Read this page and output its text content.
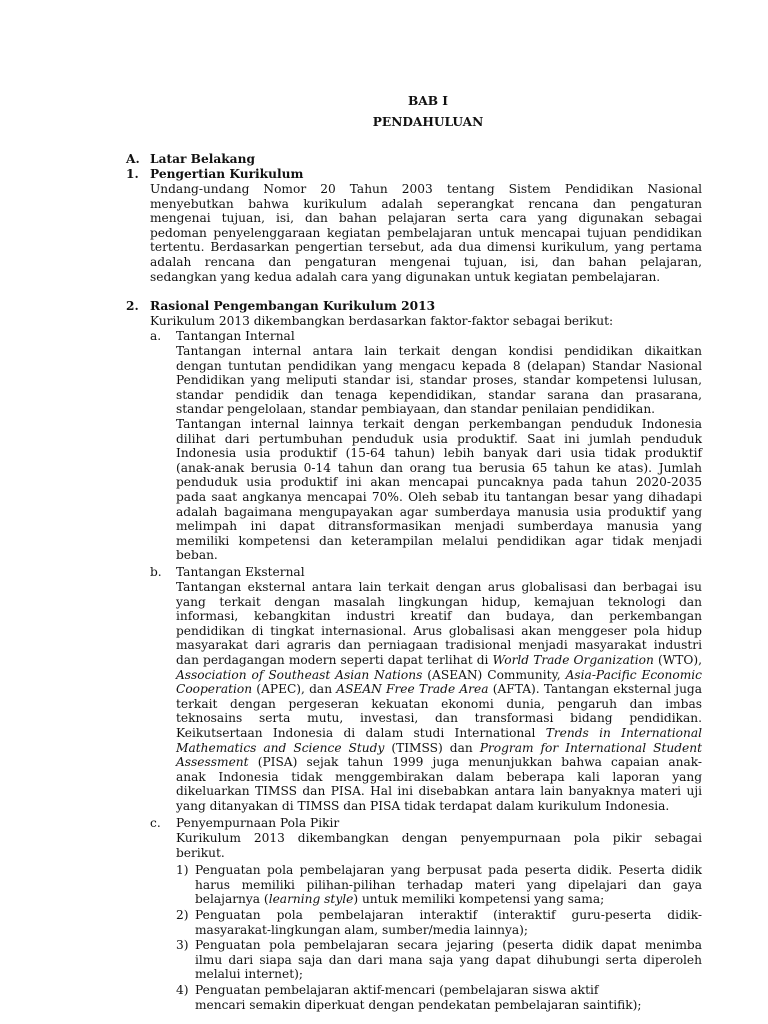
BAB I
PENDAHULUAN
A. Latar Belakang
1. Pengertian Kurikulum
Undang-undang Nomor 20 Tahun 2003 tentang Sistem Pendidikan Nasional
menyebutkan bahwa kurikulum adalah seperangkat rencana dan pengaturan
mengenai tujuan, isi, dan bahan pelajaran serta cara yang digunakan sebagai
pedoman penyelenggaraan kegiatan pembelajaran untuk mencapai tujuan pendidikan
tertentu. Berdasarkan pengertian tersebut, ada dua dimensi kurikulum, yang pertama
adalah rencana dan pengaturan mengenai tujuan, isi, dan bahan pelajaran,
sedangkan yang kedua adalah cara yang digunakan untuk kegiatan pembelajaran.
2. Rasional Pengembangan Kurikulum 2013
Kurikulum 2013 dikembangkan berdasarkan faktor-faktor sebagai berikut:
a. Tantangan Internal
Tantangan internal antara lain terkait dengan kondisi pendidikan dikaitkan
dengan tuntutan pendidikan yang mengacu kepada 8 (delapan) Standar Nasional
Pendidikan yang meliputi standar isi, standar proses, standar kompetensi lulusan,
standar pendidik dan tenaga kependidikan, standar sarana dan prasarana,
standar pengelolaan, standar pembiayaan, dan standar penilaian pendidikan.
Tantangan internal lainnya terkait dengan perkembangan penduduk Indonesia
dilihat dari pertumbuhan penduduk usia produktif. Saat ini jumlah penduduk
Indonesia usia produktif (15-64 tahun) lebih banyak dari usia tidak produktif
(anak-anak berusia 0-14 tahun dan orang tua berusia 65 tahun ke atas). Jumlah
penduduk usia produktif ini akan mencapai puncaknya pada tahun 2020-2035
pada saat angkanya mencapai 70%. Oleh sebab itu tantangan besar yang dihadapi
adalah bagaimana mengupayakan agar sumberdaya manusia usia produktif yang
melimpah ini dapat ditransformasikan menjadi sumberdaya manusia yang
memiliki kompetensi dan keterampilan melalui pendidikan agar tidak menjadi
beban.
b. Tantangan Eksternal
Tantangan eksternal antara lain terkait dengan arus globalisasi dan berbagai isu
yang terkait dengan masalah lingkungan hidup, kemajuan teknologi dan
informasi, kebangkitan industri kreatif dan budaya, dan perkembangan
pendidikan di tingkat internasional. Arus globalisasi akan menggeser pola hidup
masyarakat dari agraris dan perniagaan tradisional menjadi masyarakat industri
dan perdagangan modern seperti dapat terlihat di World Trade Organization (WTO),
Association of Southeast Asian Nations (ASEAN) Community, Asia-Pacific Economic
Cooperation (APEC), dan ASEAN Free Trade Area (AFTA). Tantangan eksternal juga
terkait dengan pergeseran kekuatan ekonomi dunia, pengaruh dan imbas
teknosains serta mutu, investasi, dan transformasi bidang pendidikan.
Keikutsertaan Indonesia di dalam studi International Trends in International
Mathematics and Science Study (TIMSS) dan Program for International Student
Assessment (PISA) sejak tahun 1999 juga menunjukkan bahwa capaian anak-
anak Indonesia tidak menggembirakan dalam beberapa kali laporan yang
dikeluarkan TIMSS dan PISA. Hal ini disebabkan antara lain banyaknya materi uji
yang ditanyakan di TIMSS dan PISA tidak terdapat dalam kurikulum Indonesia.
c. Penyempurnaan Pola Pikir
Kurikulum 2013 dikembangkan dengan penyempurnaan pola pikir sebagai
berikut.
1) Penguatan pola pembelajaran yang berpusat pada peserta didik. Peserta didik
harus memiliki pilihan-pilihan terhadap materi yang dipelajari dan gaya
belajarnya (learning style) untuk memiliki kompetensi yang sama;
2) Penguatan pola pembelajaran interaktif (interaktif guru-peserta didik-
masyarakat-lingkungan alam, sumber/media lainnya);
3) Penguatan pola pembelajaran secara jejaring (peserta didik dapat menimba
ilmu dari siapa saja dan dari mana saja yang dapat dihubungi serta diperoleh
melalui internet);
4) Penguatan pembelajaran aktif-mencari (pembelajaran siswa aktif
mencari semakin diperkuat dengan pendekatan pembelajaran saintifik);
